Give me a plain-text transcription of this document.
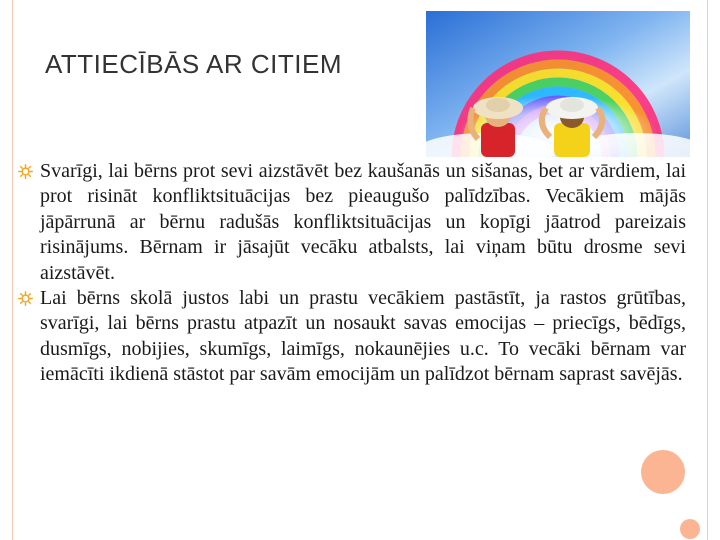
ATTIECĪBĀS AR CITIEM
Svarīgi, lai bērns prot sevi aizstāvēt bez kaušanās un sišanas, bet ar vārdiem, lai prot risināt konfliktsituācijas bez pieaugušo palīdzības. Vecākiem mājās jāpārrunā ar bērnu radušās konfliktsituācijas un kopīgi jāatrod pareizais risinājums. Bērnam ir jāsajūt vecāku atbalsts, lai viņam būtu drosme sevi aizstāvēt.
Lai bērns skolā justos labi un prastu vecākiem pastāstīt, ja rastos grūtības, svarīgi, lai bērns prastu atpazīt un nosaukt savas emocijas – priecīgs, bēdīgs, dusmīgs, nobijies, skumīgs, laimīgs, nokaunējies u.c. To vecāki bērnam var iemācīti ikdienā stāstot par savām emocijām un palīdzot bērnam saprast savējās.
